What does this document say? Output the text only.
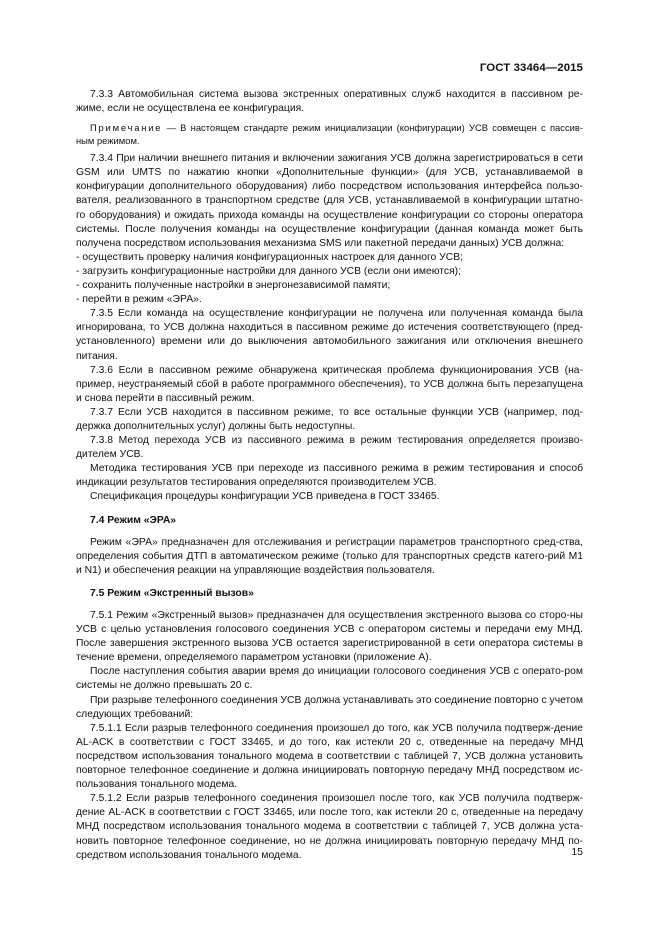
ГОСТ 33464—2015

7.3.3 Автомобильная система вызова экстренных оперативных служб находится в пассивном ре-жиме, если не осуществлена ее конфигурация.

Примечание — В настоящем стандарте режим инициализации (конфигурации) УСВ совмещен с пассив-ным режимом.

7.3.4 При наличии внешнего питания и включении зажигания УСВ должна зарегистрироваться в сети GSM или UMTS по нажатию кнопки «Дополнительные функции» (для УСВ, устанавливаемой в конфигурации дополнительного оборудования) либо посредством использования интерфейса пользо-вателя, реализованного в транспортном средстве (для УСВ, устанавливаемой в конфигурации штатно-го оборудования) и ожидать прихода команды на осуществление конфигурации со стороны оператора системы. После получения команды на осуществление конфигурации (данная команда может быть получена посредством использования механизма SMS или пакетной передачи данных) УСВ должна:

- осуществить проверку наличия конфигурационных настроек для данного УСВ;
- загрузить конфигурационные настройки для данного УСВ (если они имеются);
- сохранить полученные настройки в энергонезависимой памяти;
- перейти в режим «ЭРА».

7.3.5 Если команда на осуществление конфигурации не получена или полученная команда была игнорирована, то УСВ должна находиться в пассивном режиме до истечения соответствующего (пред-установленного) времени или до выключения автомобильного зажигания или отключения внешнего питания.

7.3.6 Если в пассивном режиме обнаружена критическая проблема функционирования УСВ (на-пример, неустраняемый сбой в работе программного обеспечения), то УСВ должна быть перезапущена и снова перейти в пассивный режим.

7.3.7 Если УСВ находится в пассивном режиме, то все остальные функции УСВ (например, под-держка дополнительных услуг) должны быть недоступны.

7.3.8 Метод перехода УСВ из пассивного режима в режим тестирования определяется произво-дителем УСВ.

Методика тестирования УСВ при переходе из пассивного режима в режим тестирования и способ индикации результатов тестирования определяются производителем УСВ.

Спецификация процедуры конфигурации УСВ приведена в ГОСТ 33465.

7.4 Режим «ЭРА»

Режим «ЭРА» предназначен для отслеживания и регистрации параметров транспортного сред-ства, определения события ДТП в автоматическом режиме (только для транспортных средств катего-рий М1 и N1) и обеспечения реакции на управляющие воздействия пользователя.

7.5 Режим «Экстренный вызов»

7.5.1 Режим «Экстренный вызов» предназначен для осуществления экстренного вызова со сторо-ны УСВ с целью установления голосового соединения УСВ с оператором системы и передачи ему МНД. После завершения экстренного вызова УСВ остается зарегистрированной в сети оператора системы в течение времени, определяемого параметром установки (приложение А).

После наступления события аварии время до инициации голосового соединения УСВ с операто-ром системы не должно превышать 20 с.

При разрыве телефонного соединения УСВ должна устанавливать это соединение повторно с учетом следующих требований:

7.5.1.1 Если разрыв телефонного соединения произошел до того, как УСВ получила подтверж-дение AL-ACK в соответствии с ГОСТ 33465, и до того, как истекли 20 с, отведенные на передачу МНД посредством использования тонального модема в соответствии с таблицей 7, УСВ должна установить повторное телефонное соединение и должна инициировать повторную передачу МНД посредством ис-пользования тонального модема.

7.5.1.2 Если разрыв телефонного соединения произошел после того, как УСВ получила подтверж-дение AL-ACK в соответствии с ГОСТ 33465, или после того, как истекли 20 с, отведенные на передачу МНД посредством использования тонального модема в соответствии с таблицей 7, УСВ должна уста-новить повторное телефонное соединение, но не должна инициировать повторную передачу МНД по-средством использования тонального модема.	15
